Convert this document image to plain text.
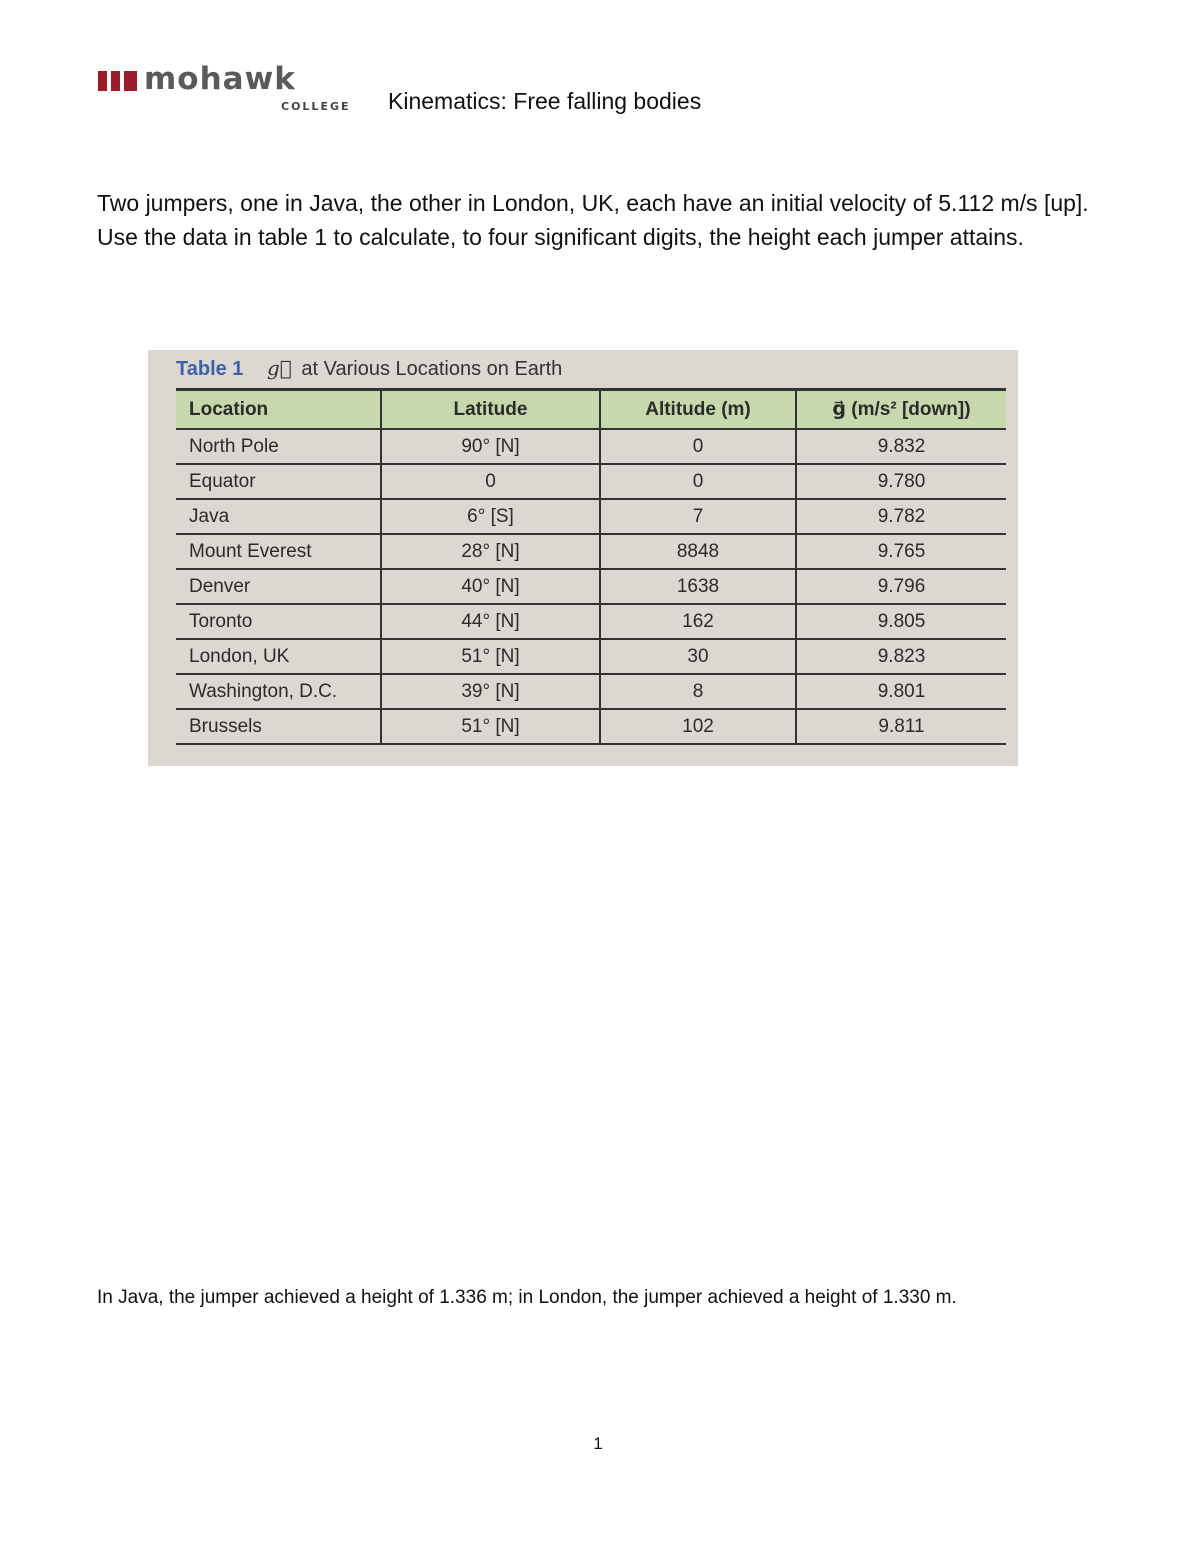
mohawk
COLLEGE Kinematics: Free falling bodies

Two jumpers, one in Java, the other in London, UK, each have an initial velocity of 5.112 m/s [up]. Use the data in table 1 to calculate, to four significant digits, the height each jumper attains.

Table 1 g⃗ at Various Locations on Earth
Location	Latitude	Altitude (m)	g⃗ (m/s² [down])
North Pole	90° [N]	0	9.832
Equator	0	0	9.780
Java	6° [S]	7	9.782
Mount Everest	28° [N]	8848	9.765
Denver	40° [N]	1638	9.796
Toronto	44° [N]	162	9.805
London, UK	51° [N]	30	9.823
Washington, D.C.	39° [N]	8	9.801
Brussels	51° [N]	102	9.811

In Java, the jumper achieved a height of 1.336 m; in London, the jumper achieved a height of 1.330 m.

1
